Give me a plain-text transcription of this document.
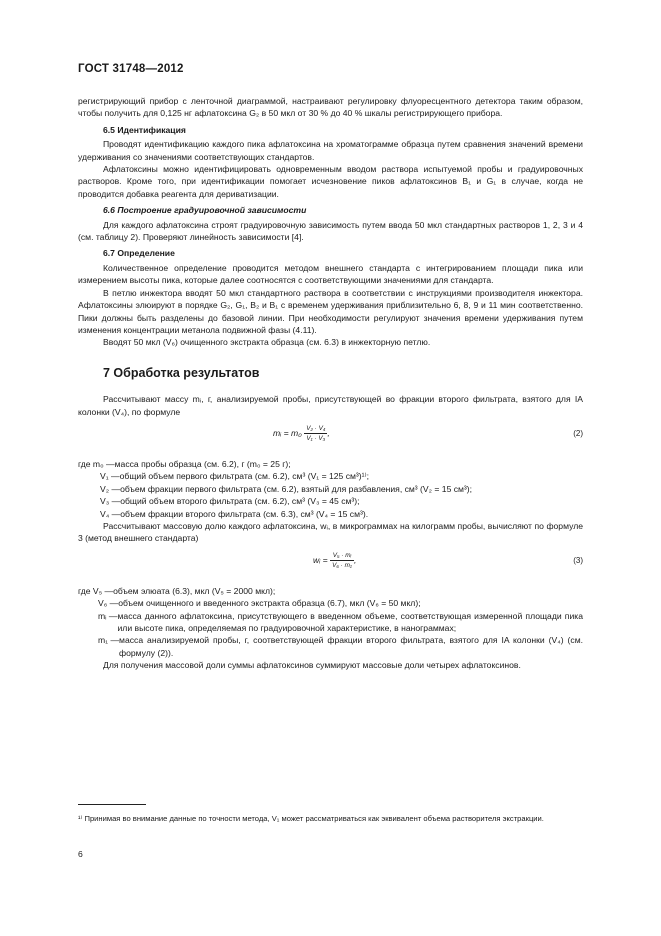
ГОСТ 31748—2012

регистрирующий прибор с ленточной диаграммой, настраивают регулировку флуоресцентного детектора таким образом, чтобы получить для 0,125 нг афлатоксина G₂ в 50 мкл от 30 % до 40 % шкалы регистрирующего прибора.

6.5 Идентификация

Проводят идентификацию каждого пика афлатоксина на хроматограмме образца путем сравнения значений времени удерживания со значениями соответствующих стандартов.

Афлатоксины можно идентифицировать одновременным вводом раствора испытуемой пробы и градуировочных растворов. Кроме того, при идентификации помогает исчезновение пиков афлатоксинов B₁ и G₁ в случае, когда не проводится добавка реагента для дериватизации.

6.6 Построение градуировочной зависимости

Для каждого афлатоксина строят градуировочную зависимость путем ввода 50 мкл стандартных растворов 1, 2, 3 и 4 (см. таблицу 2). Проверяют линейность зависимости [4].

6.7 Определение

Количественное определение проводится методом внешнего стандарта с интегрированием площади пика или измерением высоты пика, которые далее соотносятся с соответствующими значениями для стандарта.

В петлю инжектора вводят 50 мкл стандартного раствора в соответствии с инструкциями производителя инжектора. Афлатоксины элюируют в порядке G₂, G₁, B₂ и B₁ с временем удерживания приблизительно 6, 8, 9 и 11 мин соответственно. Пики должны быть разделены до базовой линии. При необходимости регулируют значения времени удерживания путем изменения концентрации метанола подвижной фазы (4.11).

Вводят 50 мкл (V₆) очищенного экстракта образца (см. 6.3) в инжекторную петлю.

7 Обработка результатов

Рассчитывают массу mᵢ, г, анализируемой пробы, присутствующей во фракции второго фильтрата, взятого для IA колонки (V₄), по формуле

mᵢ = $m_0 \frac{\text{V₂ · V₄}}{\text{V₁ · V₃}}$ ,	(2)
где m₀ — масса пробы образца (см. 6.2), г (m₀ = 25 г);
V₁ — общий объем первого фильтрата (см. 6.2), см³ (V₁ = 125 см³)¹⁾;
V₂ — объем фракции первого фильтрата (см. 6.2), взятый для разбавления, см³ (V₂ = 15 см³);
V₃ — общий объем второго фильтрата (см. 6.2), см³ (V₃ = 45 см³);
V₄ — объем фракции второго фильтрата (см. 6.3), см³ (V₄ = 15 см³).

Рассчитывают массовую долю каждого афлатоксина, wᵢ, в микрограммах на килограмм пробы, вычисляют по формуле 3 (метод внешнего стандарта)

wᵢ = $\frac{\text{V₅ · mᵢ}}{\text{V₆ · m₁}}$ ,	(3)
где V₅ — объем элюата (6.3), мкл (V₅ = 2000 мкл);
V₆ — объем очищенного и введенного экстракта образца (6.7), мкл (V₆ = 50 мкл);
mᵢ — масса данного афлатоксина, присутствующего в введенном объеме, соответствующая измеренной площади пика или высоте пика, определяемая по градуировочной характеристике, в нанограммах;
m₁ — масса анализируемой пробы, г, соответствующей фракции второго фильтрата, взятого для IA колонки (V₄) (см. формулу (2)).

Для получения массовой доли суммы афлатоксинов суммируют массовые доли четырех афлатоксинов.

¹⁾ Принимая во внимание данные по точности метода, V₁ может рассматриваться как эквивалент объема растворителя экстракции.
6
